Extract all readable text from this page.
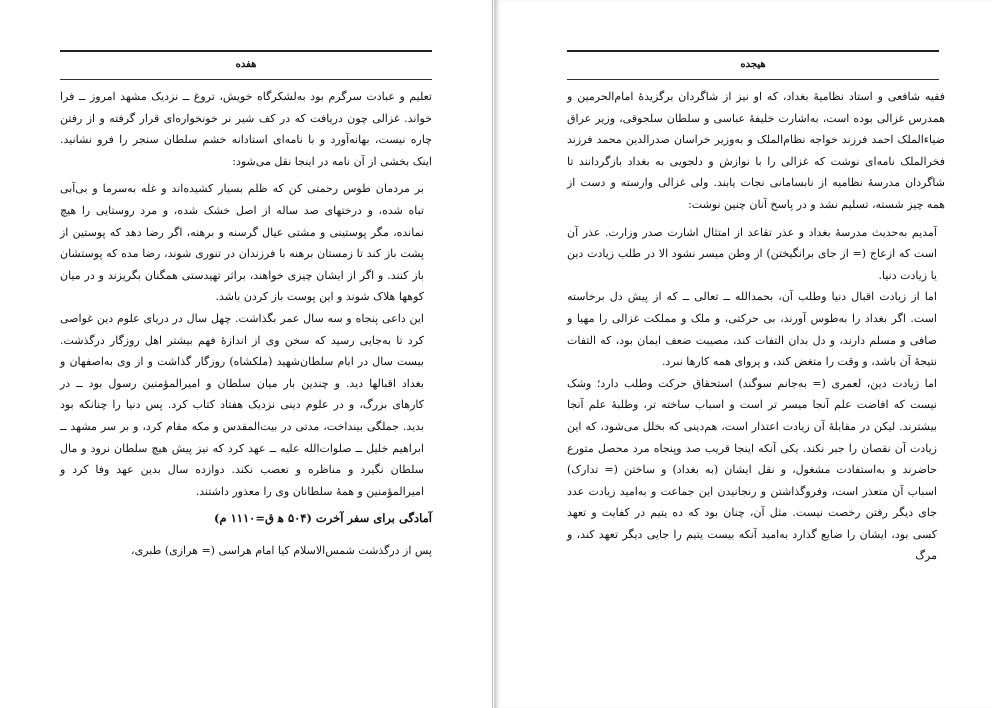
هفده

تعلیم و عبادت سرگرم بود به‌لشکرگاه خویش، تروغ ــ نزدیک مشهد امروز ــ فرا خواند. غزالی چون دریافت که در کف شیر نر خونخواره‌ای قرار گرفته و از رفتن چاره نیست، بهانه‌آورد و با نامه‌ای استادانه خشم سلطان سنجر را فرو نشانید. اینک بخشی از آن نامه در اینجا نقل می‌شود:

بر مردمان طوس رحمتی کن که ظلم بسیار کشیده‌اند و غله به‌سرما و بی‌آبی تباه شده، و درختهای صد ساله از اصل خشک شده، و مرد روستایی را هیچ نمانده، مگر پوستینی و مشتی عیال گرسنه و برهنه، اگر رضا دهد که پوستین از پشت باز کند تا زمستان برهنه با فرزندان در تنوری شوند، رضا مده که پوستشان باز کنند. و اگر از ایشان چیزی خواهند، براثر تهیدستی همگنان بگریزند و در میان کوهها هلاک شوند و این پوست باز کردن باشد.

این داعی پنجاه و سه سال عمر بگذاشت. چهل سال در دریای علوم دین غواصی کرد تا به‌جایی رسید که سخن وی از اندازهٔ فهم بیشتر اهل روزگار درگذشت. بیست سال در ایام سلطان‌شهید (ملکشاه) روزگار گذاشت و از وی به‌اصفهان و بغداد اقبالها دید. و چندین بار میان سلطان و امیرالمؤمنین رسول بود ــ در کارهای بزرگ، و در علوم دینی نزدیک هفتاد کتاب کرد. پس دنیا را چنانکه بود بدید. جملگی بینداخت، مدتی در بیت‌المقدس و مکه مقام کرد، و بر سر مشهد ــ ابراهیم خلیل ــ صلوات‌الله علیه ــ عهد کرد که نیز پیش هیچ سلطان نرود و مال سلطان نگیرد و مناظره و تعصب نکند. دوازده سال بدین عهد وفا کرد و امیرالمؤمنین و همهٔ سلطانان وی را معذور داشتند.

آمادگی برای سفر آخرت (۵۰۴ ه‍ ق=۱۱۱۰ م)

پس از درگذشت شمس‌الاسلام کیا امام هراسی (= هرازی) طبری،

هیجده

فقیه شافعی و استاد نظامیهٔ بغداد، که او نیز از شاگردان برگزیدهٔ امام‌الحرمین و همدرس غزالی بوده است، به‌اشارت خلیفهٔ عباسی و سلطان سلجوقی، وزیر عراق ضیاءالملک احمد فرزند خواجه نظام‌الملک و به‌وزیر خراسان صدرالدین محمد فرزند فخرالملک نامه‌ای نوشت که غزالی را با نوازش و دلجویی به بغداد بازگردانند تا شاگردان مدرسهٔ نظامیه از نابسامانی نجات یابند. ولی غزالی وارسته و دست از همه چیز شسته، تسلیم نشد و در پاسخ آنان چنین نوشت:

آمدیم به‌حدیث مدرسهٔ بغداد و عذر تقاعد از امتثال اشارت صدر وزارت. عذر آن است که ازعاج (= از جای برانگیختن) از وطن میسر نشود الا در طلب زیادت دین یا زیادت دنیا.

اما از زیادت اقبال دنیا وطلب آن، بحمدالله ــ تعالی ــ که از پیش دل برخاسته است. اگر بغداد را به‌طوس آورند، بی حرکتی، و ملک و مملکت غزالی را مهیا و صافی و مسلم دارند، و دل بدان التفات کند، مصیبت ضعف ایمان بود، که التفات نتیجهٔ آن باشد، و وقت را متغض کند، و پروای همه کارها نبرد.

اما زیادت دین، لعمری (= به‌جانم سوگند) استحقاق حرکت وطلب دارد؛ وشک نیست که افاضت علم آنجا میسر تر است و اسباب ساخته تر، وطلبهٔ علم آنجا بیشترند. لیکن در مقابلهٔ آن زیادت اعتذار است، هم‌دینی که بخلل می‌شود، که این زیادت آن نقصان را جبر نکند. یکی آنکه اینجا قریب صد وپنجاه مرد محصل متورع حاضرند و به‌استفادت مشغول، و نقل ایشان (به بغداد) و ساختن (= تدارک) اسباب آن متعذر است، وفروگذاشتن و رنجانیدن این جماعت و به‌امید زیادت عدد جای دیگر رفتن رخصت نیست. مثل آن، چنان بود که ده یتیم در کفایت و تعهد کسی بود، ایشان را ضایع گذارد به‌امید آنکه بیست یتیم را جایی دیگر تعهد کند، و مرگ
